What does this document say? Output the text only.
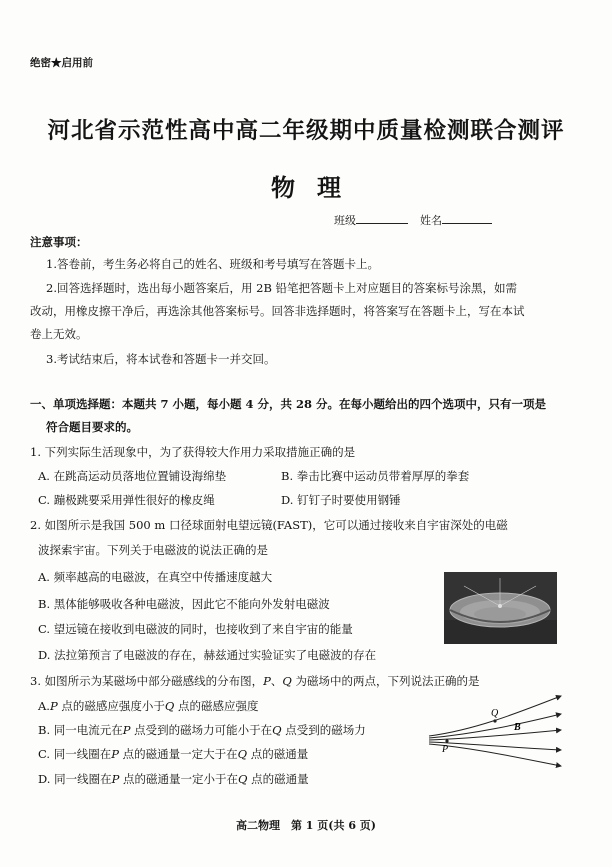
绝密★启用前
河北省示范性高中高二年级期中质量检测联合测评
物理
班级	姓名
注意事项：
1.答卷前，考生务必将自己的姓名、班级和考号填写在答题卡上。
2.回答选择题时，选出每小题答案后，用 2B 铅笔把答题卡上对应题目的答案标号涂黑，如需
改动，用橡皮擦干净后，再选涂其他答案标号。回答非选择题时，将答案写在答题卡上，写在本试
卷上无效。
3.考试结束后，将本试卷和答题卡一并交回。
一、单项选择题：本题共 7 小题，每小题 4 分，共 28 分。在每小题给出的四个选项中，只有一项是
符合题目要求的。
1. 下列实际生活现象中，为了获得较大作用力采取措施正确的是
A. 在跳高运动员落地位置铺设海绵垫	B. 拳击比赛中运动员带着厚厚的拳套
C. 蹦极跳要采用弹性很好的橡皮绳	D. 钉钉子时要使用钢锤
2. 如图所示是我国 500 m 口径球面射电望远镜(FAST)，它可以通过接收来自宇宙深处的电磁
波探索宇宙。下列关于电磁波的说法正确的是
A. 频率越高的电磁波，在真空中传播速度越大
B. 黑体能够吸收各种电磁波，因此它不能向外发射电磁波
C. 望远镜在接收到电磁波的同时，也接收到了来自宇宙的能量
D. 法拉第预言了电磁波的存在，赫兹通过实验证实了电磁波的存在
3. 如图所示为某磁场中部分磁感线的分布图，P、Q 为磁场中的两点，下列说法正确的是
A.P 点的磁感应强度小于Q 点的磁感应强度
B. 同一电流元在P 点受到的磁场力可能小于在Q 点受到的磁场力
C. 同一线圈在P 点的磁通量一定大于在Q 点的磁通量
D. 同一线圈在P 点的磁通量一定小于在Q 点的磁通量
Q
B
P
高二物理　第 1 页(共 6 页)
